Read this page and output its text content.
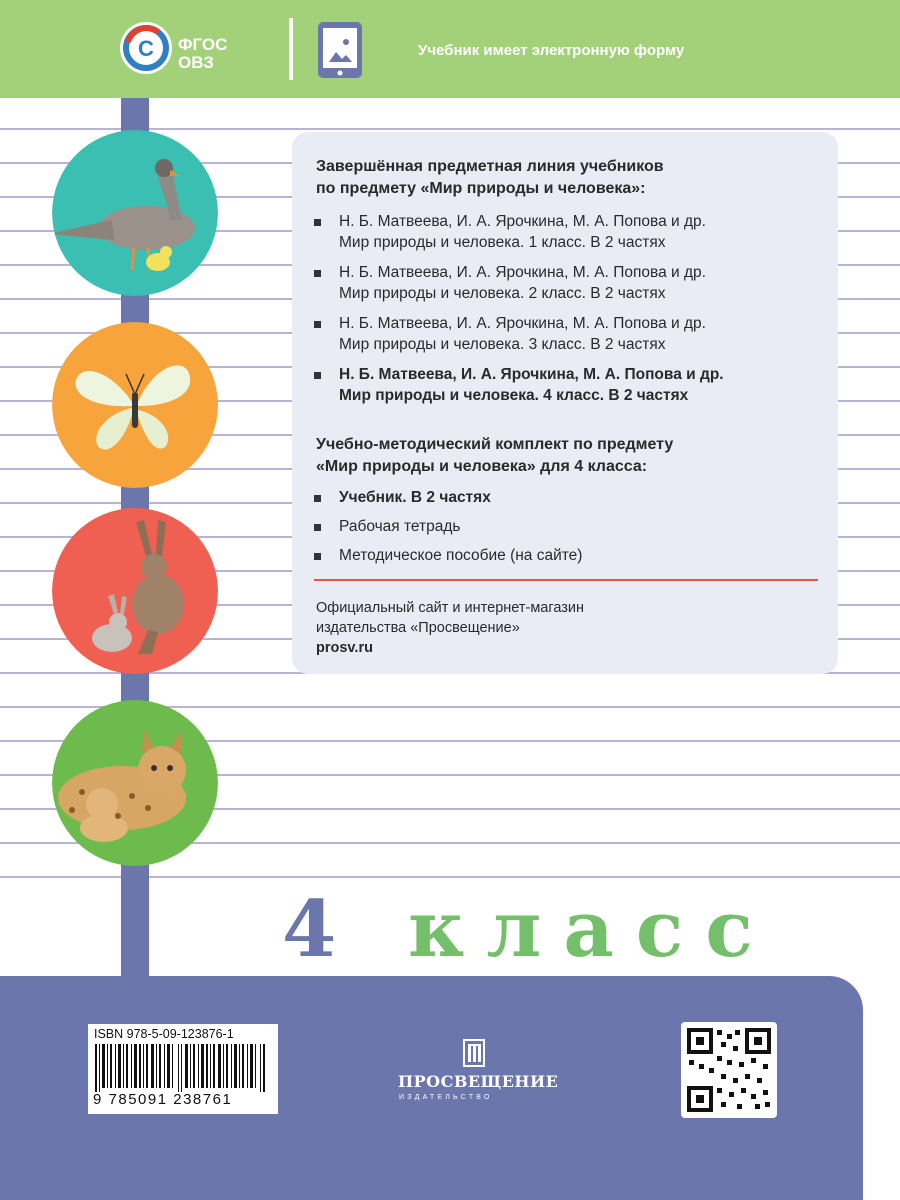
С ФГОС
ОВЗ
Учебник имеет электронную форму
Завершённая предметная линия учебников
по предмету «Мир природы и человека»:
Н. Б. Матвеева, И. А. Ярочкина, М. А. Попова и др.
Мир природы и человека. 1 класс. В 2 частях
Н. Б. Матвеева, И. А. Ярочкина, М. А. Попова и др.
Мир природы и человека. 2 класс. В 2 частях
Н. Б. Матвеева, И. А. Ярочкина, М. А. Попова и др.
Мир природы и человека. 3 класс. В 2 частях
Н. Б. Матвеева, И. А. Ярочкина, М. А. Попова и др.
Мир природы и человека. 4 класс. В 2 частях
Учебно-методический комплект по предмету
«Мир природы и человека» для 4 класса:
Учебник. В 2 частях
Рабочая тетрадь
Методическое пособие (на сайте)
Официальный сайт и интернет-магазин
издательства «Просвещение»
prosv.ru
4 класс
ISBN 978-5-09-123876-1
9 785091 238761
ПРОСВЕЩЕНИЕ
ИЗДАТЕЛЬСТВО
